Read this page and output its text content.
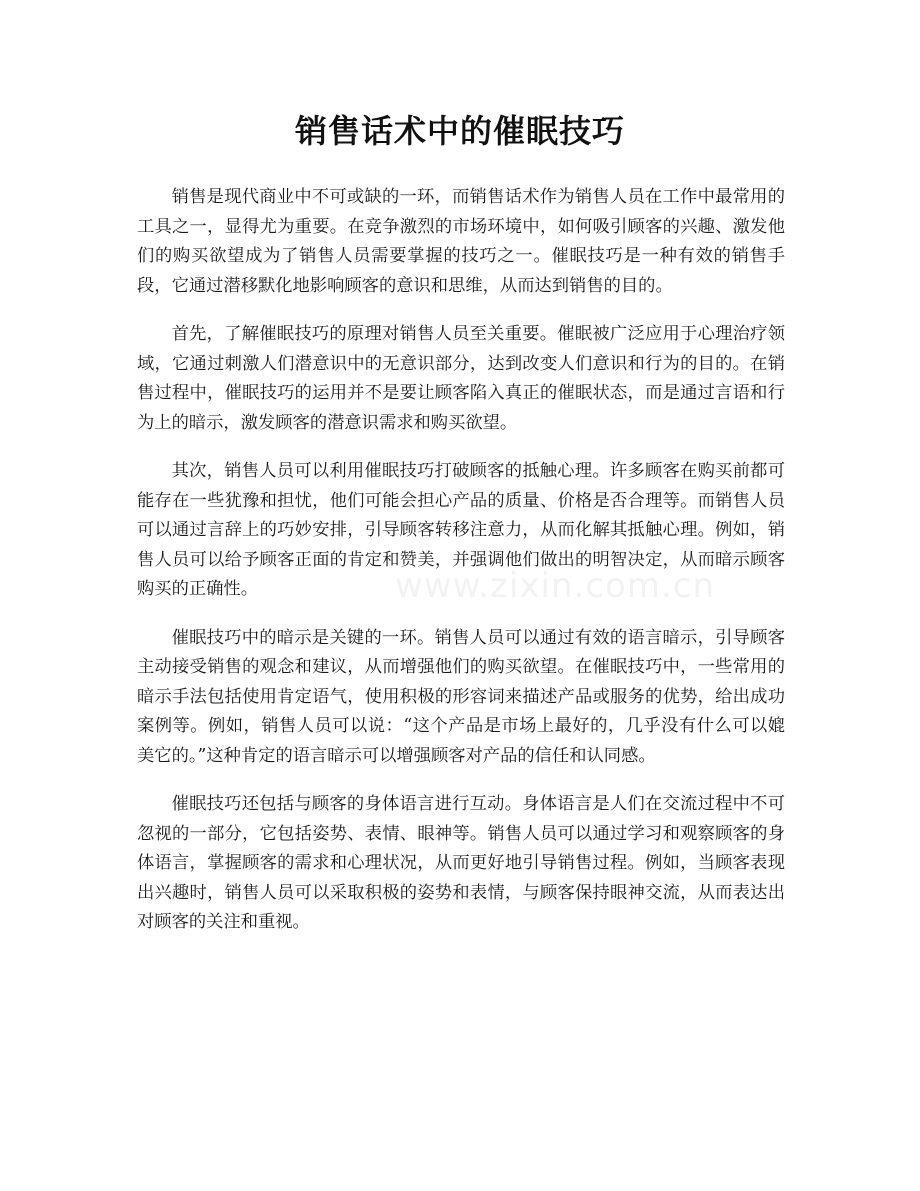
销售话术中的催眠技巧
www.zixin.com.cn

销售是现代商业中不可或缺的一环，而销售话术作为销售人员在工作中最常用的工具之一，显得尤为重要。在竞争激烈的市场环境中，如何吸引顾客的兴趣、激发他们的购买欲望成为了销售人员需要掌握的技巧之一。催眠技巧是一种有效的销售手段，它通过潜移默化地影响顾客的意识和思维，从而达到销售的目的。

首先，了解催眠技巧的原理对销售人员至关重要。催眠被广泛应用于心理治疗领域，它通过刺激人们潜意识中的无意识部分，达到改变人们意识和行为的目的。在销售过程中，催眠技巧的运用并不是要让顾客陷入真正的催眠状态，而是通过言语和行为上的暗示，激发顾客的潜意识需求和购买欲望。

其次，销售人员可以利用催眠技巧打破顾客的抵触心理。许多顾客在购买前都可能存在一些犹豫和担忧，他们可能会担心产品的质量、价格是否合理等。而销售人员可以通过言辞上的巧妙安排，引导顾客转移注意力，从而化解其抵触心理。例如，销售人员可以给予顾客正面的肯定和赞美，并强调他们做出的明智决定，从而暗示顾客购买的正确性。

催眠技巧中的暗示是关键的一环。销售人员可以通过有效的语言暗示，引导顾客主动接受销售的观念和建议，从而增强他们的购买欲望。在催眠技巧中，一些常用的暗示手法包括使用肯定语气，使用积极的形容词来描述产品或服务的优势，给出成功案例等。例如，销售人员可以说：“这个产品是市场上最好的，几乎没有什么可以媲美它的。”这种肯定的语言暗示可以增强顾客对产品的信任和认同感。

催眠技巧还包括与顾客的身体语言进行互动。身体语言是人们在交流过程中不可忽视的一部分，它包括姿势、表情、眼神等。销售人员可以通过学习和观察顾客的身体语言，掌握顾客的需求和心理状况，从而更好地引导销售过程。例如，当顾客表现出兴趣时，销售人员可以采取积极的姿势和表情，与顾客保持眼神交流，从而表达出对顾客的关注和重视。
